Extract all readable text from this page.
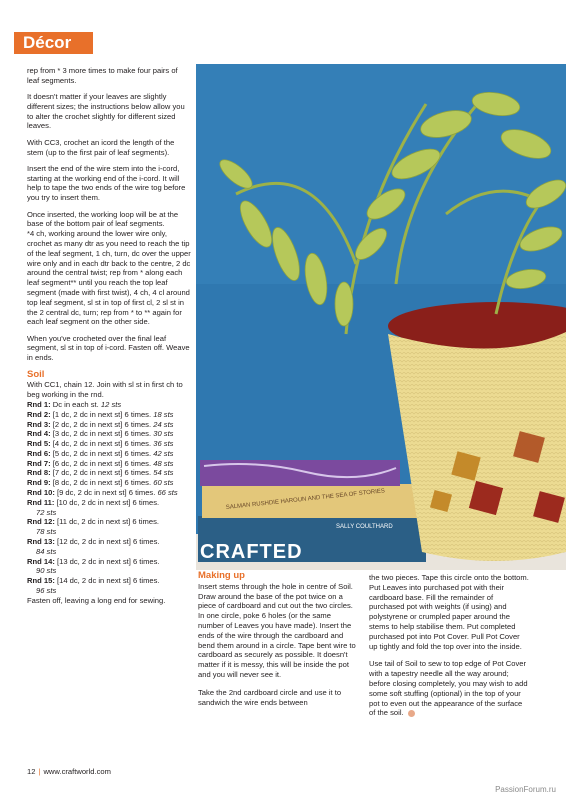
Décor

rep from * 3 more times to make four pairs of leaf segments.

It doesn't matter if your leaves are slightly different sizes; the instructions below allow you to alter the crochet slightly for different sized leaves.

With CC3, crochet an icord the length of the stem (up to the first pair of leaf segments).

Insert the end of the wire stem into the i-cord, starting at the working end of the i-cord. It will help to tape the two ends of the wire tog before you try to insert them.

Once inserted, the working loop will be at the base of the bottom pair of leaf segments.
*4 ch, working around the lower wire only, crochet as many dtr as you need to reach the tip of the leaf segment, 1 ch, turn, dc over the upper wire only and in each dtr back to the centre, 2 dc around the central twist; rep from * along each leaf segment** until you reach the top leaf segment (made with first twist), 4 ch, 4 cl around top leaf segment, sl st in top of first cl, 2 sl st in the 2 central dc, turn; rep from * to ** again for each leaf segment on the other side.

When you've crocheted over the final leaf segment, sl st in top of i-cord. Fasten off. Weave in ends.

Soil
With CC1, chain 12. Join with sl st in first ch to beg working in the rnd.
Rnd 1: Dc in each st. 12 sts
Rnd 2: [1 dc, 2 dc in next st] 6 times. 18 sts
Rnd 3: [2 dc, 2 dc in next st] 6 times. 24 sts
Rnd 4: [3 dc, 2 dc in next st] 6 times. 30 sts
Rnd 5: [4 dc, 2 dc in next st] 6 times. 36 sts
Rnd 6: [5 dc, 2 dc in next st] 6 times. 42 sts
Rnd 7: [6 dc, 2 dc in next st] 6 times. 48 sts
Rnd 8: [7 dc, 2 dc in next st] 6 times. 54 sts
Rnd 9: [8 dc, 2 dc in next st] 6 times. 60 sts
Rnd 10: [9 dc, 2 dc in next st] 6 times. 66 sts
Rnd 11: [10 dc, 2 dc in next st] 6 times.
72 sts
Rnd 12: [11 dc, 2 dc in next st] 6 times.
78 sts
Rnd 13: [12 dc, 2 dc in next st] 6 times.
84 sts
Rnd 14: [13 dc, 2 dc in next st] 6 times.
90 sts
Rnd 15: [14 dc, 2 dc in next st] 6 times.
96 sts
Fasten off, leaving a long end for sewing.
SALMAN RUSHDIE HAROUN AND THE SEA OF STORIES
SALLY COULTHARD
CRAFTED
Making up

Insert stems through the hole in centre of Soil. Draw around the base of the pot twice on a piece of cardboard and cut out the two circles. In one circle, poke 6 holes (or the same number of Leaves you have made). Insert the ends of the wire through the cardboard and bend them around in a circle. Tape bent wire to cardboard as securely as possible. It doesn't matter if it is messy, this will be inside the pot and you will never see it.

Take the 2nd cardboard circle and use it to sandwich the wire ends between

the two pieces. Tape this circle onto the bottom. Put Leaves into purchased pot with their cardboard base. Fill the remainder of purchased pot with weights (if using) and polystyrene or crumpled paper around the stems to help stabilise them. Put completed purchased pot into Pot Cover. Pull Pot Cover up tightly and fold the top over into the inside.

Use tail of Soil to sew to top edge of Pot Cover with a tapestry needle all the way around; before closing completely, you may wish to add some soft stuffing (optional) in the top of your pot to even out the appearance of the surface of the soil.

12 | www.craftworld.com
PassionForum.ru
